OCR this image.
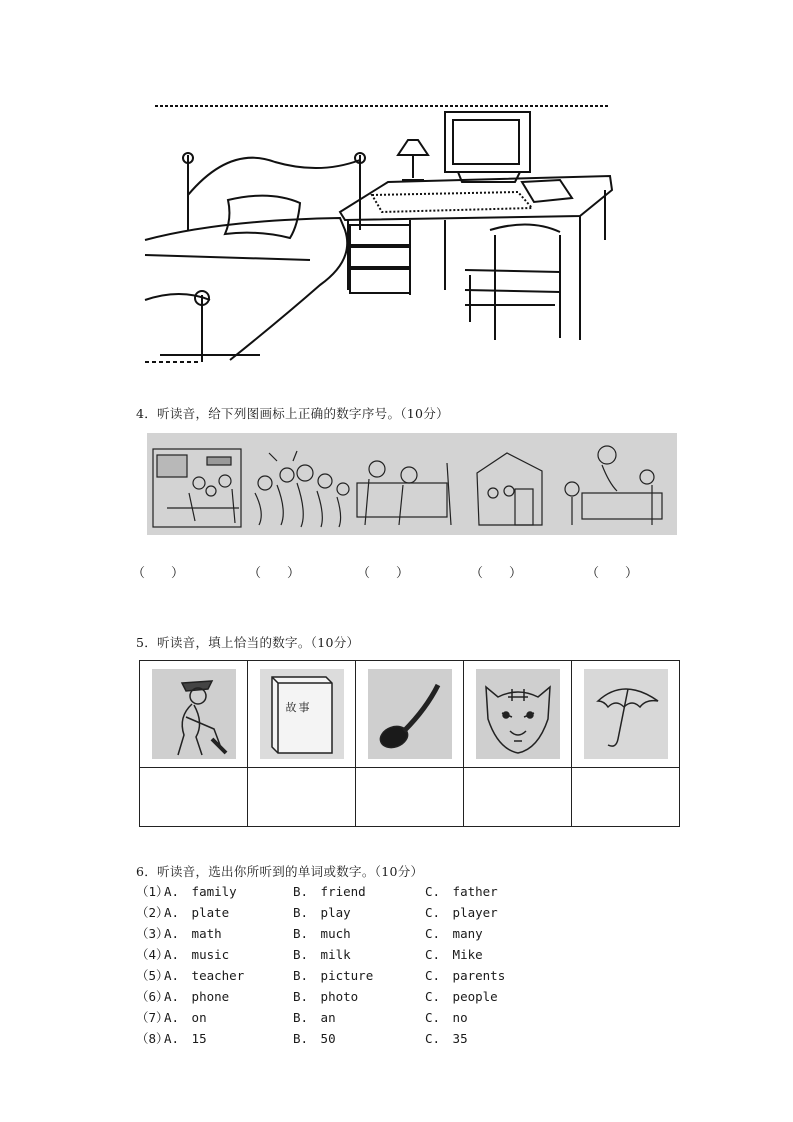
4．听读音，给下列图画标上正确的数字序号。（10分）
（　　）	（　　）	（　　）	（　　）	（　　）
5．听读音，填上恰当的数字。（10分）

故事

6．听读音，选出你所听到的单词或数字。（10分）
（1）
A.　family	B.　friend	C.　father
（2）
A.　plate	B.　play	C.　player
（3）
A.　math	B.　much	C.　many
（4）
A.　music	B.　milk	C.　Mike
（5）
A.　teacher	B.　picture	C.　parents
（6）
A.　phone	B.　photo	C.　people
（7）
A.　on	B.　an	C.　no
（8）
A.　15	B.　50	C.　35
